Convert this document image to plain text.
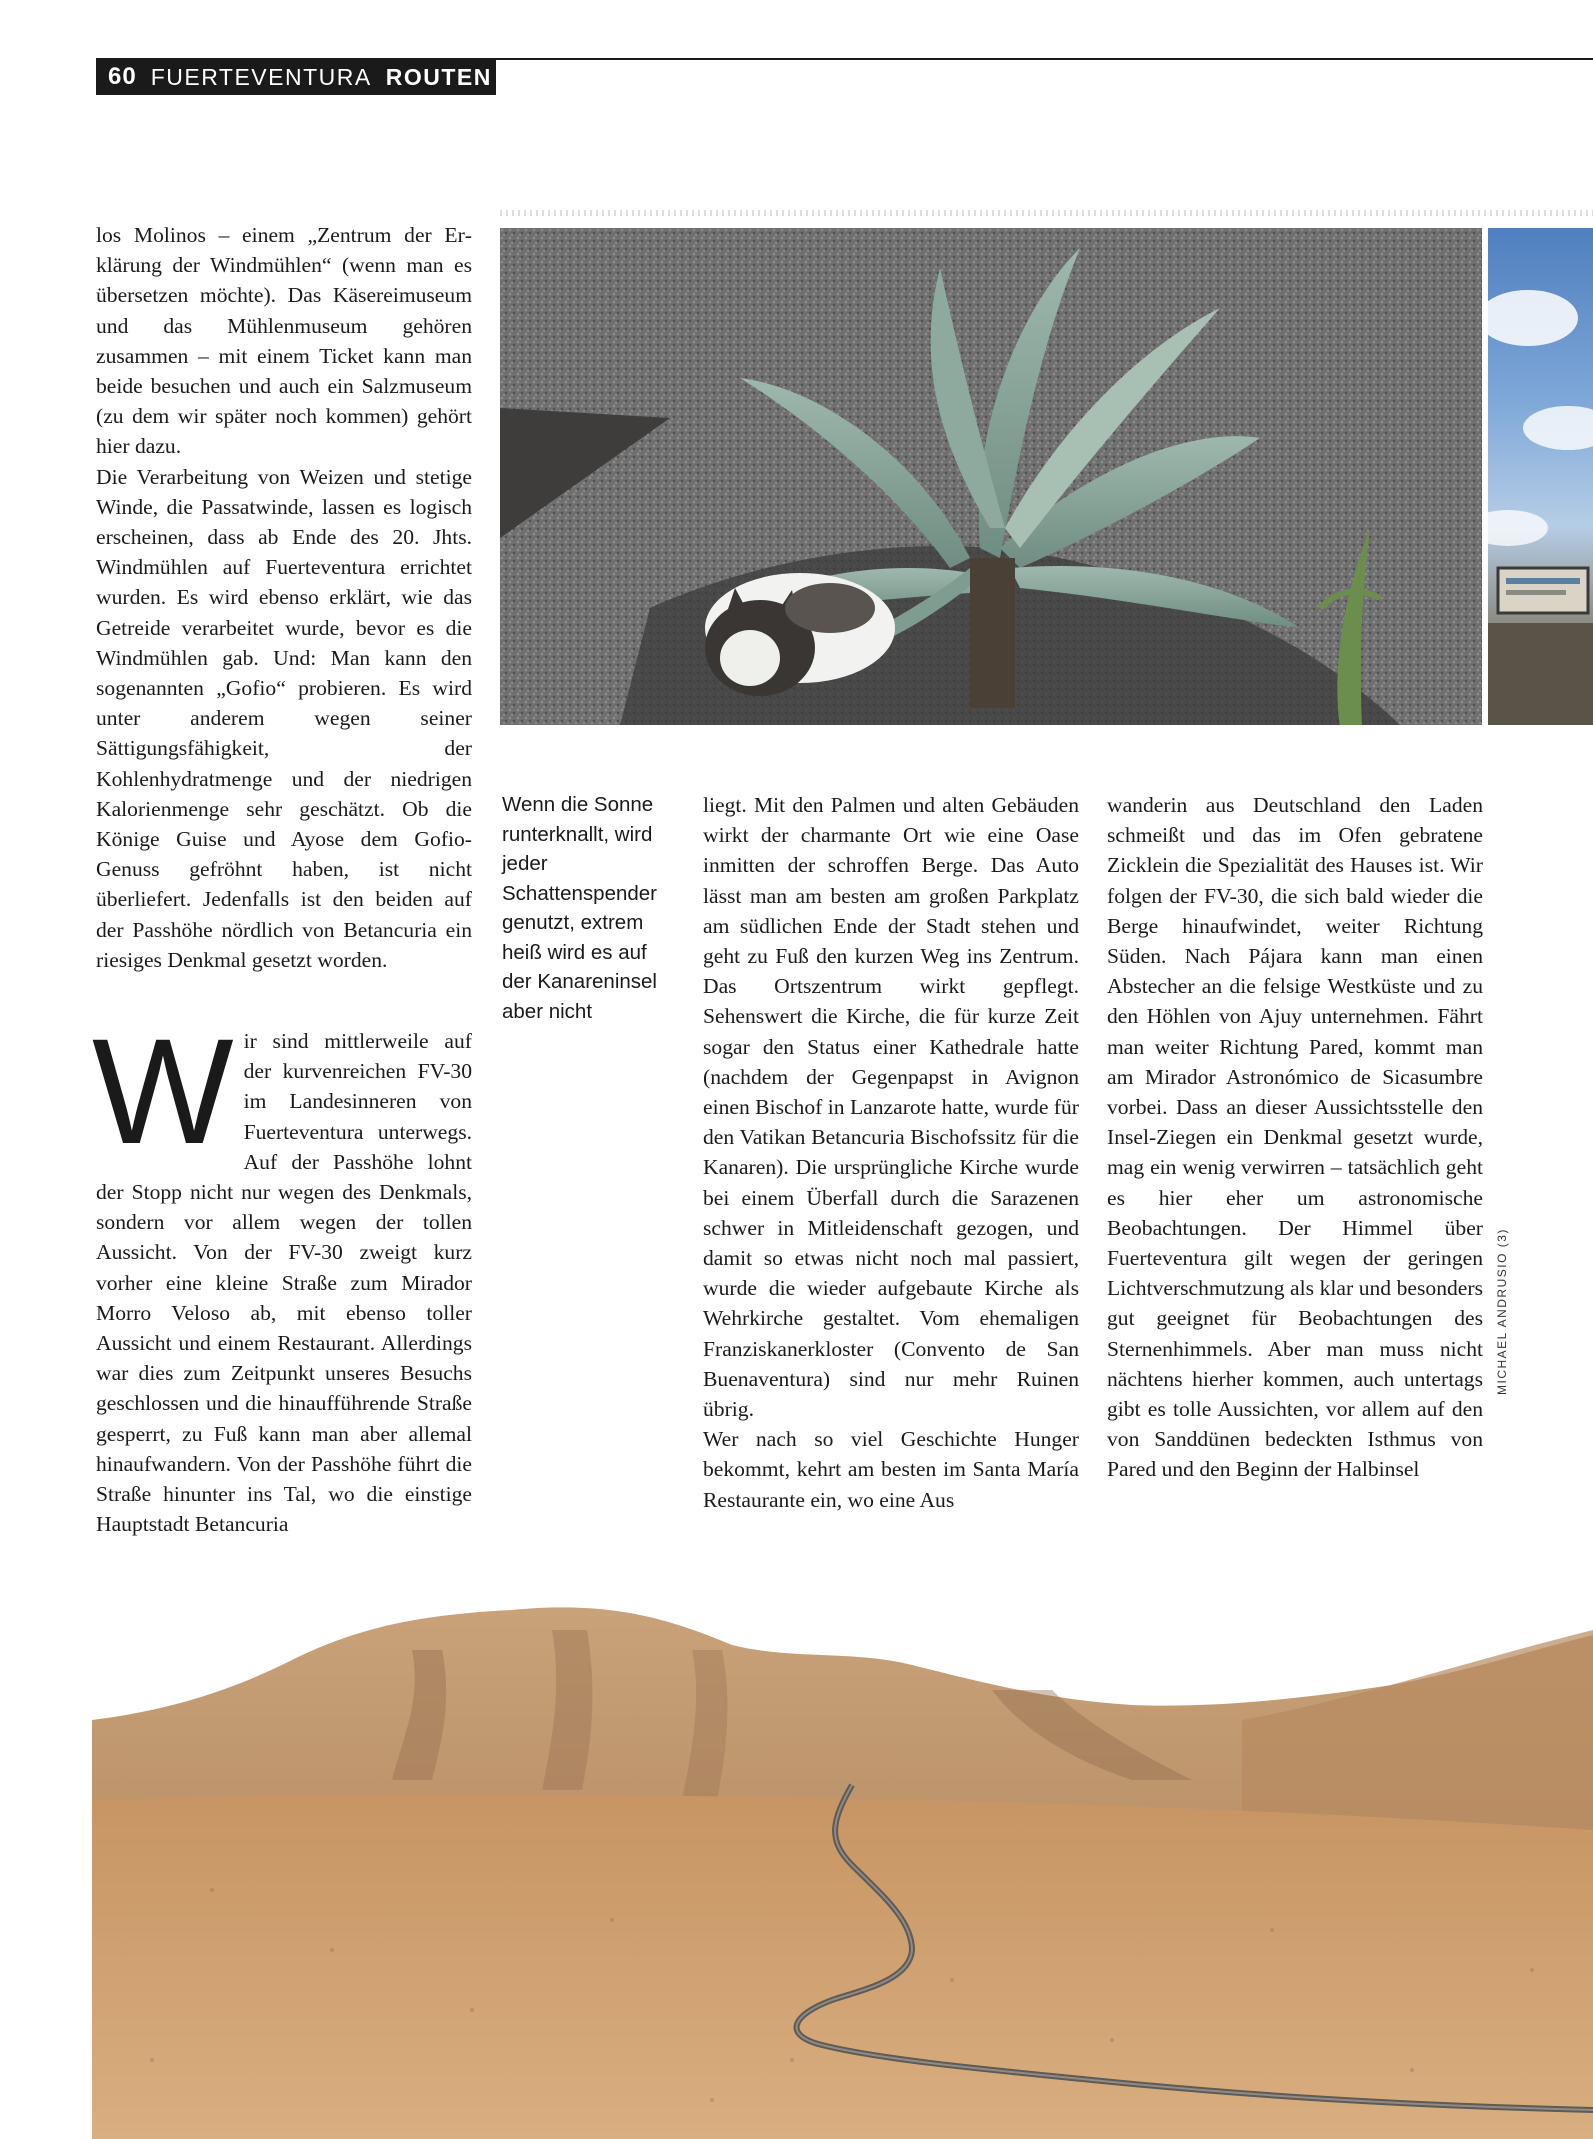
60 FUERTEVENTURA ROUTEN

los Molinos – einem „Zentrum der Erklärung der Windmühlen“ (wenn man es übersetzen möchte). Das Käsereimuseum und das Mühlenmuseum gehören zusammen – mit einem Ticket kann man beide besuchen und auch ein Salzmuseum (zu dem wir später noch kommen) gehört hier dazu.

Die Verarbeitung von Weizen und stetige Winde, die Passatwinde, lassen es logisch erscheinen, dass ab Ende des 20. Jhts. Windmühlen auf Fuerteventura errichtet wurden. Es wird ebenso erklärt, wie das Getreide verarbeitet wurde, bevor es die Windmühlen gab. Und: Man kann den sogenannten „Gofio“ probieren. Es wird unter anderem wegen seiner Sättigungsfähigkeit, der Kohlenhydratmenge und der niedrigen Kalorienmenge sehr geschätzt. Ob die Könige Guise und Ayose dem Gofio-Genuss gefröhnt haben, ist nicht überliefert. Jedenfalls ist den beiden auf der Passhöhe nördlich von Betancuria ein riesiges Denkmal gesetzt worden.

Wir sind mittlerweile auf der kurvenreichen FV-30 im Landesinneren von Fuerteventura unterwegs. Auf der Passhöhe lohnt der Stopp nicht nur wegen des Denkmals, sondern vor allem wegen der tollen Aussicht. Von der FV-30 zweigt kurz vorher eine kleine Straße zum Mirador Morro Veloso ab, mit ebenso toller Aussicht und einem Restaurant. Allerdings war dies zum Zeitpunkt unseres Besuchs geschlossen und die hinaufführende Straße gesperrt, zu Fuß kann man aber allemal hinaufwandern. Von der Passhöhe führt die Straße hinunter ins Tal, wo die einstige Hauptstadt Betancuria

Wenn die Sonne runterknallt, wird jeder Schattenspender genutzt, extrem heiß wird es auf der Kanareninsel aber nicht

liegt. Mit den Palmen und alten Gebäuden wirkt der charmante Ort wie eine Oase inmitten der schroffen Berge. Das Auto lässt man am besten am großen Parkplatz am südlichen Ende der Stadt stehen und geht zu Fuß den kurzen Weg ins Zentrum. Das Ortszentrum wirkt gepflegt. Sehenswert die Kirche, die für kurze Zeit sogar den Status einer Kathedrale hatte (nachdem der Gegenpapst in Avignon einen Bischof in Lanzarote hatte, wurde für den Vatikan Betancuria Bischofssitz für die Kanaren). Die ursprüngliche Kirche wurde bei einem Überfall durch die Sarazenen schwer in Mitleidenschaft gezogen, und damit so etwas nicht noch mal passiert, wurde die wieder aufgebaute Kirche als Wehrkirche gestaltet. Vom ehemaligen Franziskanerkloster (Convento de San Buenaventura) sind nur mehr Ruinen übrig.

Wer nach so viel Geschichte Hunger bekommt, kehrt am besten im Santa María Restaurante ein, wo eine Aus

wanderin aus Deutschland den Laden schmeißt und das im Ofen gebratene Zicklein die Spezialität des Hauses ist. Wir folgen der FV-30, die sich bald wieder die Berge hinaufwindet, weiter Richtung Süden. Nach Pájara kann man einen Abstecher an die felsige Westküste und zu den Höhlen von Ajuy unternehmen. Fährt man weiter Richtung Pared, kommt man am Mirador Astronómico de Sicasumbre vorbei. Dass an dieser Aussichtsstelle den Insel-Ziegen ein Denkmal gesetzt wurde, mag ein wenig verwirren – tatsächlich geht es hier eher um astronomische Beobachtungen. Der Himmel über Fuerteventura gilt wegen der geringen Lichtverschmutzung als klar und besonders gut geeignet für Beobachtungen des Sternenhimmels. Aber man muss nicht nächtens hierher kommen, auch untertags gibt es tolle Aussichten, vor allem auf den von Sanddünen bedeckten Isthmus von Pared und den Beginn der Halbinsel

MICHAEL ANDRUSIO (3)
